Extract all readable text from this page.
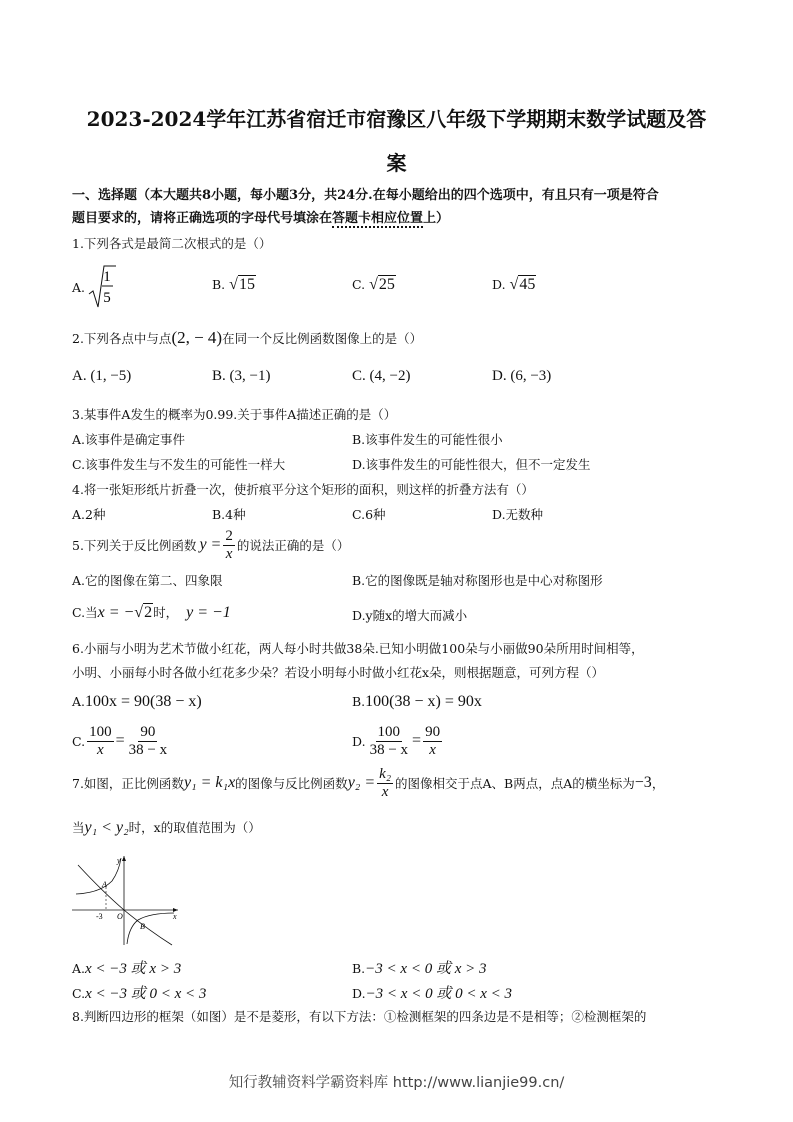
2023-2024学年江苏省宿迁市宿豫区八年级下学期期末数学试题及答
案
一、选择题（本大题共8小题，每小题3分，共24分.在每小题给出的四个选项中，有且只有一项是符合
题目要求的，请将正确选项的字母代号填涂在答题卡相应位置上）
1.下列各式是最简二次根式的是（）
A.
1
5
B. √15	C. √25	D. √45
2.下列各点中与点(2, − 4)在同一个反比例函数图像上的是（）
A. (1, −5)	B. (3, −1)	C. (4, −2)	D. (6, −3)
3.某事件A发生的概率为0.99.关于事件A描述正确的是（）
A.该事件是确定事件	B.该事件发生的可能性很小
C.该事件发生与不发生的可能性一样大	D.该事件发生的可能性很大，但不一定发生
4.将一张矩形纸片折叠一次，使折痕平分这个矩形的面积，则这样的折叠方法有（）
A.2种	B.4种	C.6种	D.无数种
5.下列关于反比例函数 $y = \frac{2}{x}$ 的说法正确的是（）
A.它的图像在第二、四象限	B.它的图像既是轴对称图形也是中心对称图形
C.当x = −√2时， y = −1	D.y随x的增大而减小
6.小丽与小明为艺术节做小红花，两人每小时共做38朵.已知小明做100朵与小丽做90朵所用时间相等，
小明、小丽每小时各做小红花多少朵？若设小明每小时做小红花x朵，则根据题意，可列方程（）
A.100x = 90(38 − x)	B.100(38 − x) = 90x
C. $\frac{100}{x} = \frac{90}{38 - x}$	D. $\frac{100}{38 - x} = \frac{90}{x}$
7.如图，正比例函数 y₁ = k₁x 的图像与反比例函数 $y_2 = \frac{\text{k₂}}{x}$ 的图像相交于点A、B两点，点A的横坐标为 −3 ，
当y₁ < y₂时，x的取值范围为（）
y
x
A
B
O
-3
A.x < −3 或 x > 3	B.−3 < x < 0 或 x > 3
C.x < −3 或 0 < x < 3	D.−3 < x < 0 或 0 < x < 3
8.判断四边形的框架（如图）是不是菱形，有以下方法：①检测框架的四条边是不是相等；②检测框架的
知行教辅资料学霸资料库 http://www.lianjie99.cn/
